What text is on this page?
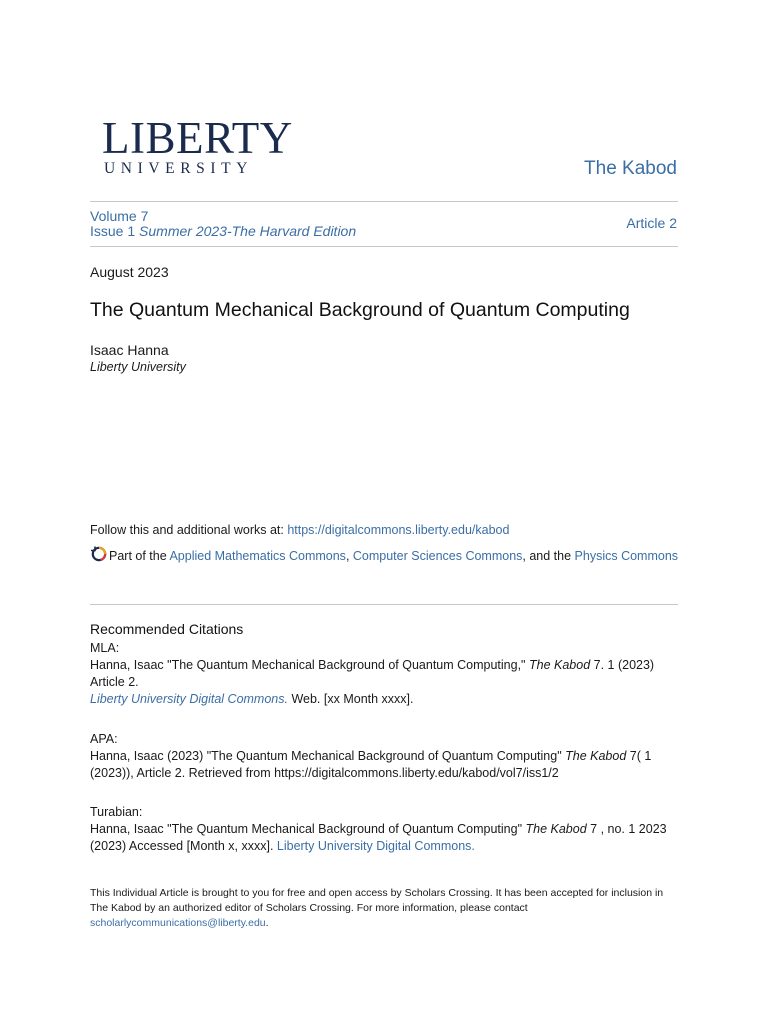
LIBERTY
UNIVERSITY	The Kabod
Volume 7
Issue 1 Summer 2023-The Harvard Edition	Article 2
August 2023
The Quantum Mechanical Background of Quantum Computing
Isaac Hanna
Liberty University
Follow this and additional works at: https://digitalcommons.liberty.edu/kabod
Part of the Applied Mathematics Commons, Computer Sciences Commons, and the Physics Commons
Recommended Citations
MLA:
Hanna, Isaac "The Quantum Mechanical Background of Quantum Computing," The Kabod 7. 1 (2023) Article 2.
Liberty University Digital Commons. Web. [xx Month xxxx].
APA:
Hanna, Isaac (2023) "The Quantum Mechanical Background of Quantum Computing" The Kabod 7( 1 (2023)), Article 2. Retrieved from https://digitalcommons.liberty.edu/kabod/vol7/iss1/2
Turabian:
Hanna, Isaac "The Quantum Mechanical Background of Quantum Computing" The Kabod 7 , no. 1 2023 (2023) Accessed [Month x, xxxx]. Liberty University Digital Commons.
This Individual Article is brought to you for free and open access by Scholars Crossing. It has been accepted for inclusion in The Kabod by an authorized editor of Scholars Crossing. For more information, please contact scholarlycommunications@liberty.edu.
